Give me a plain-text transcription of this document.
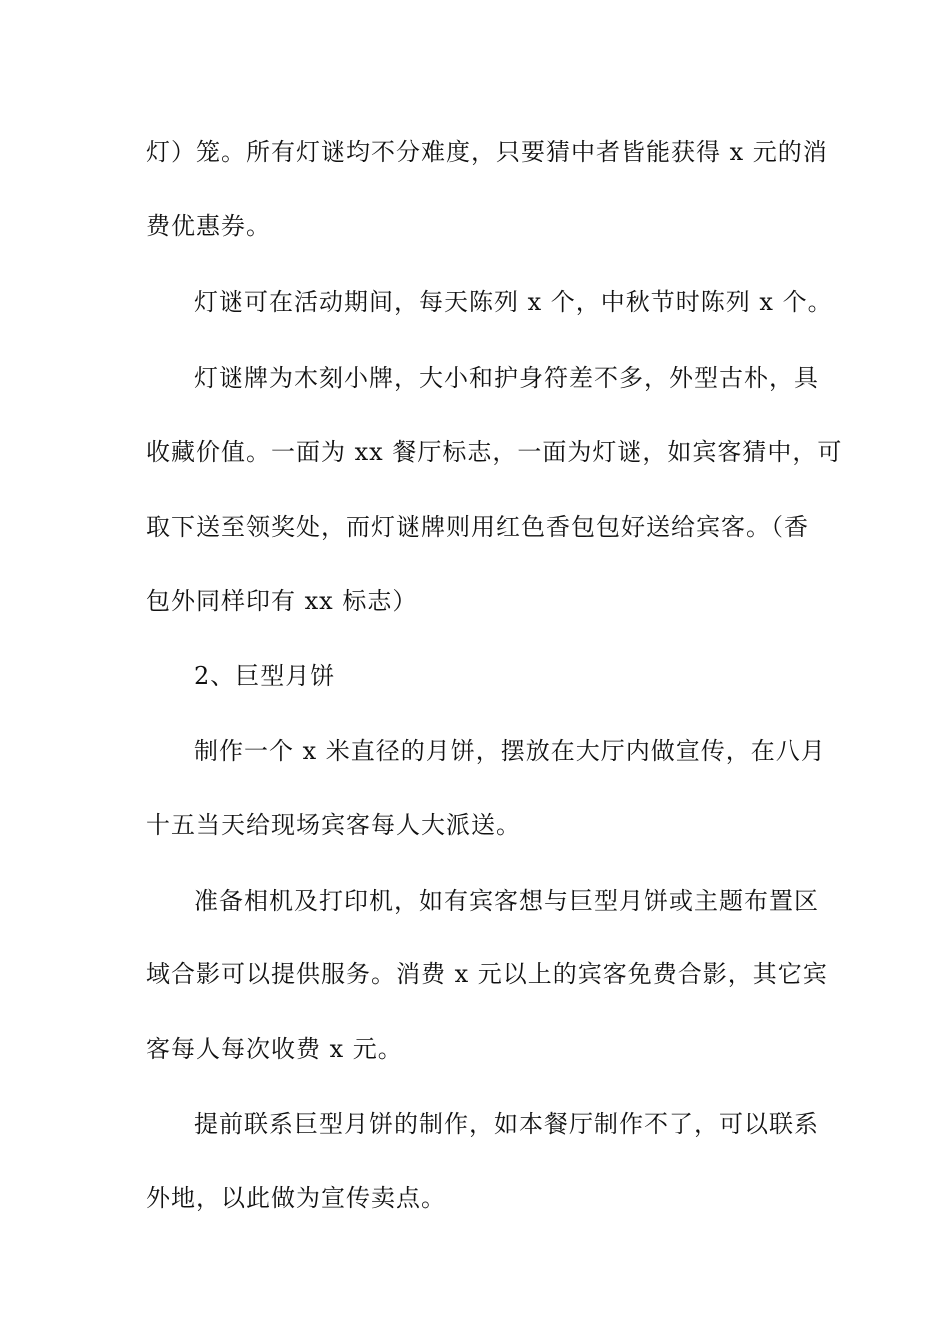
灯）笼。所有灯谜均不分难度，只要猜中者皆能获得 x 元的消
费优惠券。
灯谜可在活动期间，每天陈列 x 个，中秋节时陈列 x 个。
灯谜牌为木刻小牌，大小和护身符差不多，外型古朴，具
收藏价值。一面为 xx 餐厅标志，一面为灯谜，如宾客猜中，可
取下送至领奖处，而灯谜牌则用红色香包包好送给宾客。（香
包外同样印有 xx 标志）
2、巨型月饼
制作一个 x 米直径的月饼，摆放在大厅内做宣传，在八月
十五当天给现场宾客每人大派送。
准备相机及打印机，如有宾客想与巨型月饼或主题布置区
域合影可以提供服务。消费 x 元以上的宾客免费合影，其它宾
客每人每次收费 x 元。
提前联系巨型月饼的制作，如本餐厅制作不了，可以联系
外地，以此做为宣传卖点。
